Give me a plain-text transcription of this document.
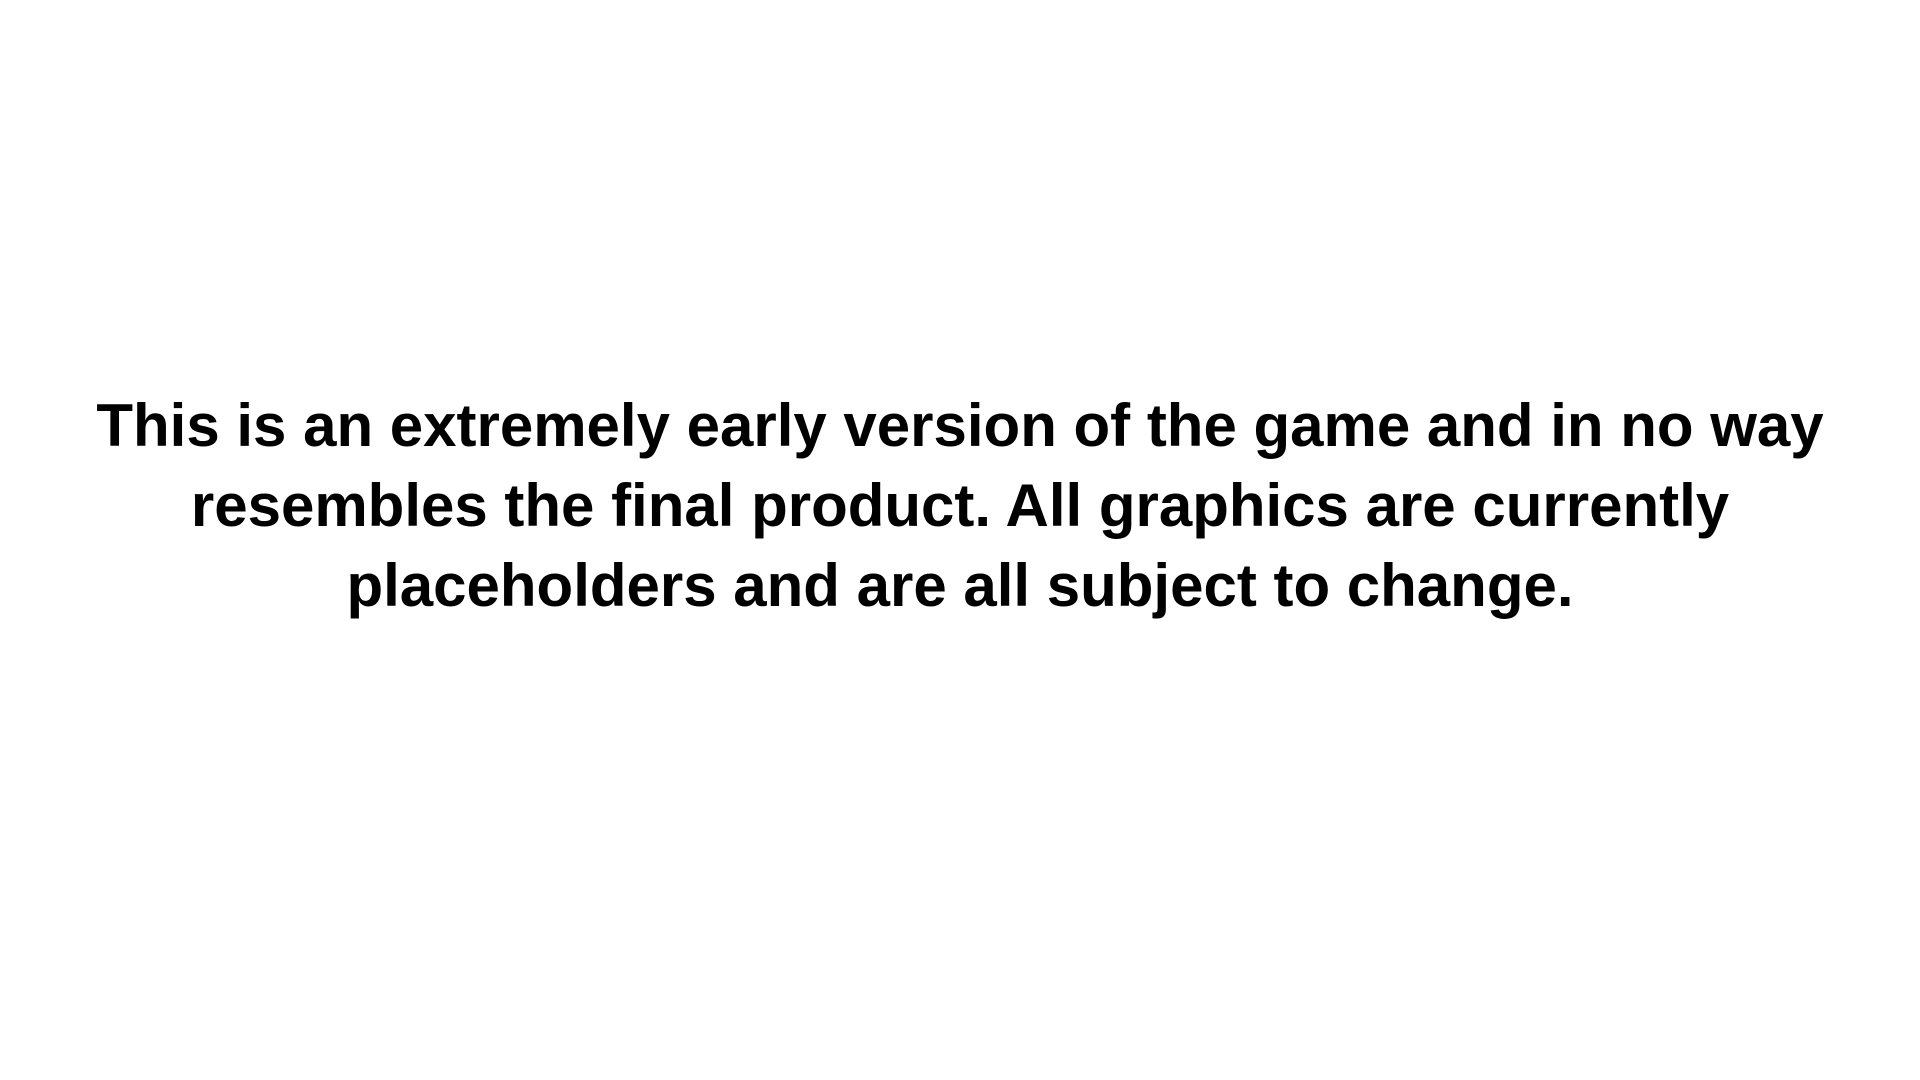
This is an extremely early version of the game and in no way
resembles the final product. All graphics are currently
placeholders and are all subject to change.
